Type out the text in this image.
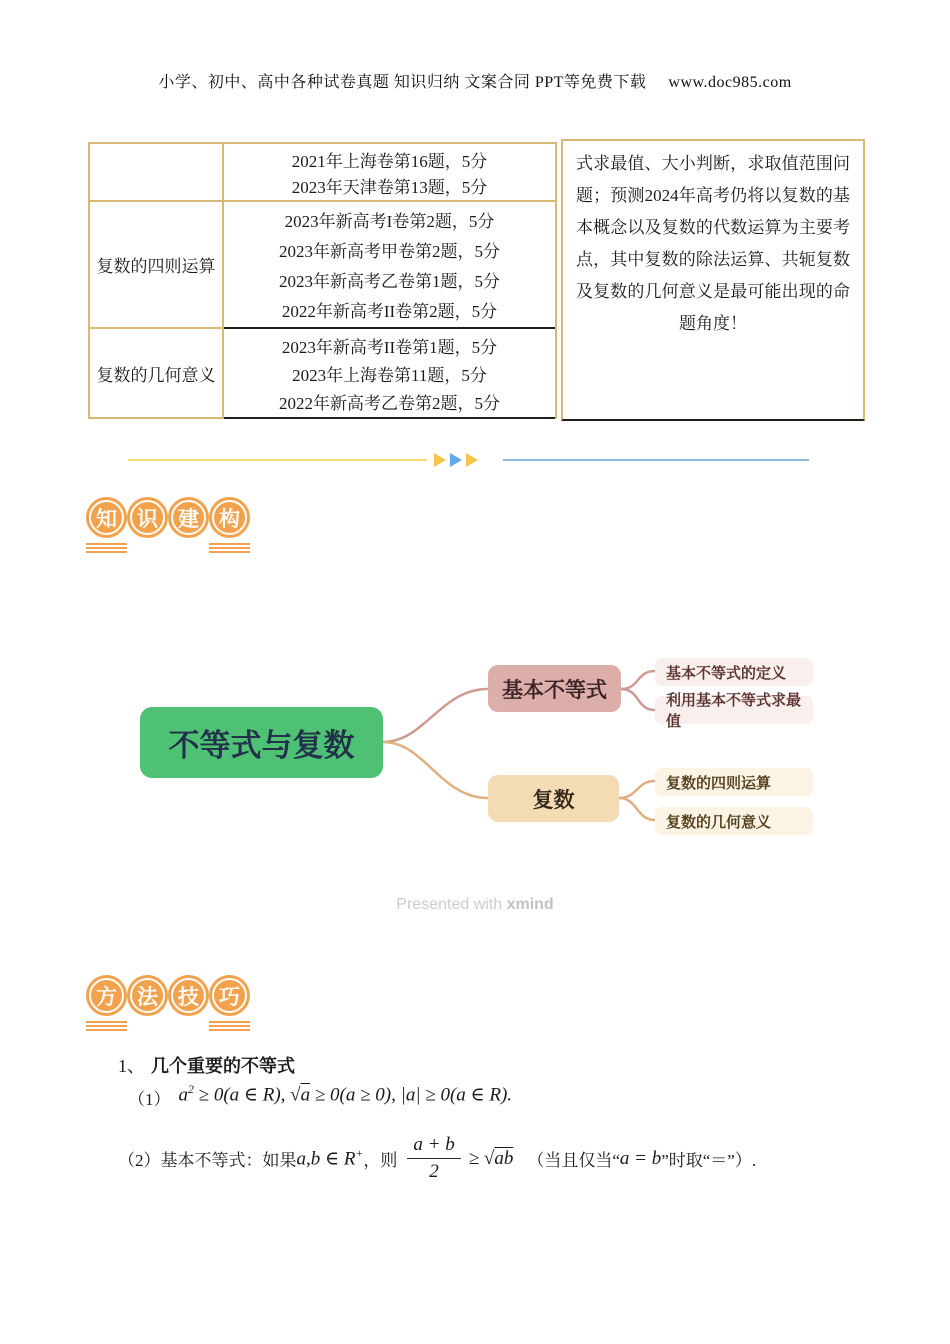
小学、初中、高中各种试卷真题 知识归纳 文案合同 PPT等免费下载 www.doc985.com
2021年上海卷第16题，5分
2023年天津卷第13题，5分
复数的四则运算
2023年新高考I卷第2题，5分
2023年新高考甲卷第2题，5分
2023年新高考乙卷第1题，5分
2022年新高考II卷第2题，5分
复数的几何意义
2023年新高考II卷第1题，5分
2023年上海卷第11题，5分
2022年新高考乙卷第2题，5分
式求最值、大小判断，求取值范围问题；预测2024年高考仍将以复数的基本概念以及复数的代数运算为主要考点，其中复数的除法运算、共轭复数及复数的几何意义是最可能出现的命题角度！
知 识 建 构
不等式与复数
基本不等式
复数
基本不等式的定义
利用基本不等式求最值
复数的四则运算
复数的几何意义
Presented with xmind
方 法 技 巧
1、 几个重要的不等式
（1） $a^2 \ge 0(a$ ∈ R), √a ≥ 0(a ≥ 0), |a| ≥ 0(a ∈ R).
（2） 基本不等式：如果 a,b ∈ R+ ，则 $\frac{a + b}{2} \ge √ab$ （当且仅当“ a = b ”时取“＝”）.
